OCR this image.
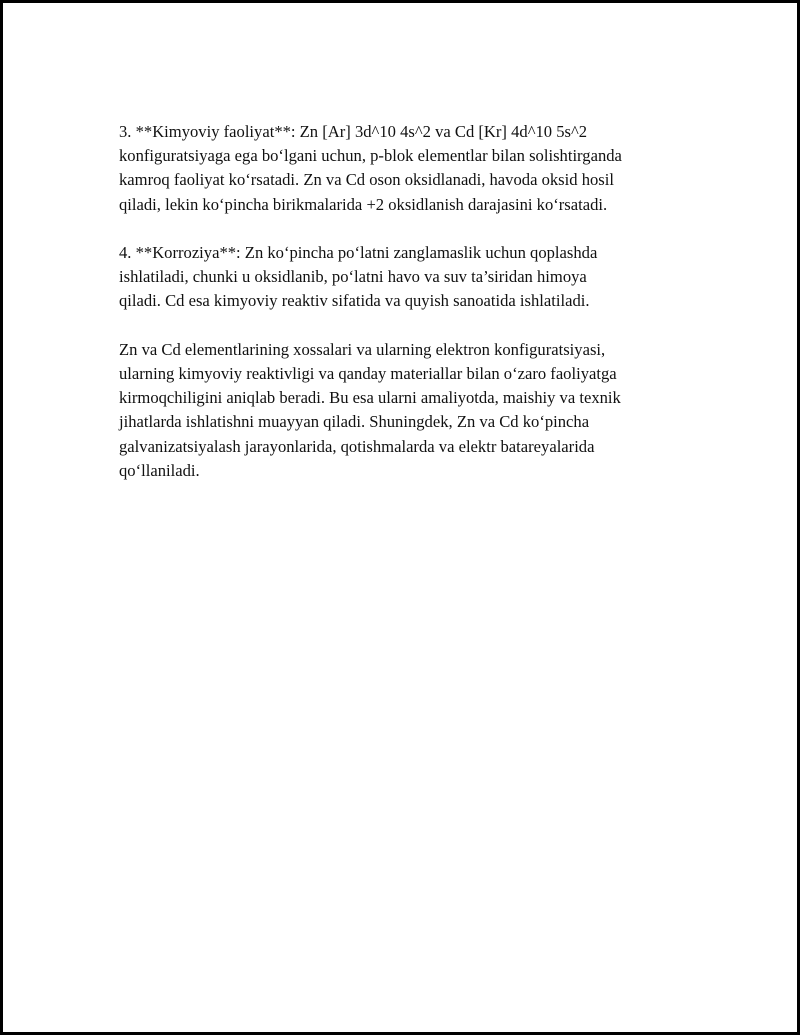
3. **Kimyoviy faoliyat**: Zn [Ar] 3d^10 4s^2 va Cd [Kr] 4d^10 5s^2
konfiguratsiyaga ega bo‘lgani uchun, p-blok elementlar bilan solishtirganda
kamroq faoliyat ko‘rsatadi. Zn va Cd oson oksidlanadi, havoda oksid hosil
qiladi, lekin ko‘pincha birikmalarida +2 oksidlanish darajasini ko‘rsatadi.

4. **Korroziya**: Zn ko‘pincha po‘latni zanglamaslik uchun qoplashda
ishlatiladi, chunki u oksidlanib, po‘latni havo va suv ta’siridan himoya
qiladi. Cd esa kimyoviy reaktiv sifatida va quyish sanoatida ishlatiladi.

Zn va Cd elementlarining xossalari va ularning elektron konfiguratsiyasi,
ularning kimyoviy reaktivligi va qanday materiallar bilan o‘zaro faoliyatga
kirmoqchiligini aniqlab beradi. Bu esa ularni amaliyotda, maishiy va texnik
jihatlarda ishlatishni muayyan qiladi. Shuningdek, Zn va Cd ko‘pincha
galvanizatsiyalash jarayonlarida, qotishmalarda va elektr batareyalarida
qo‘llaniladi.
